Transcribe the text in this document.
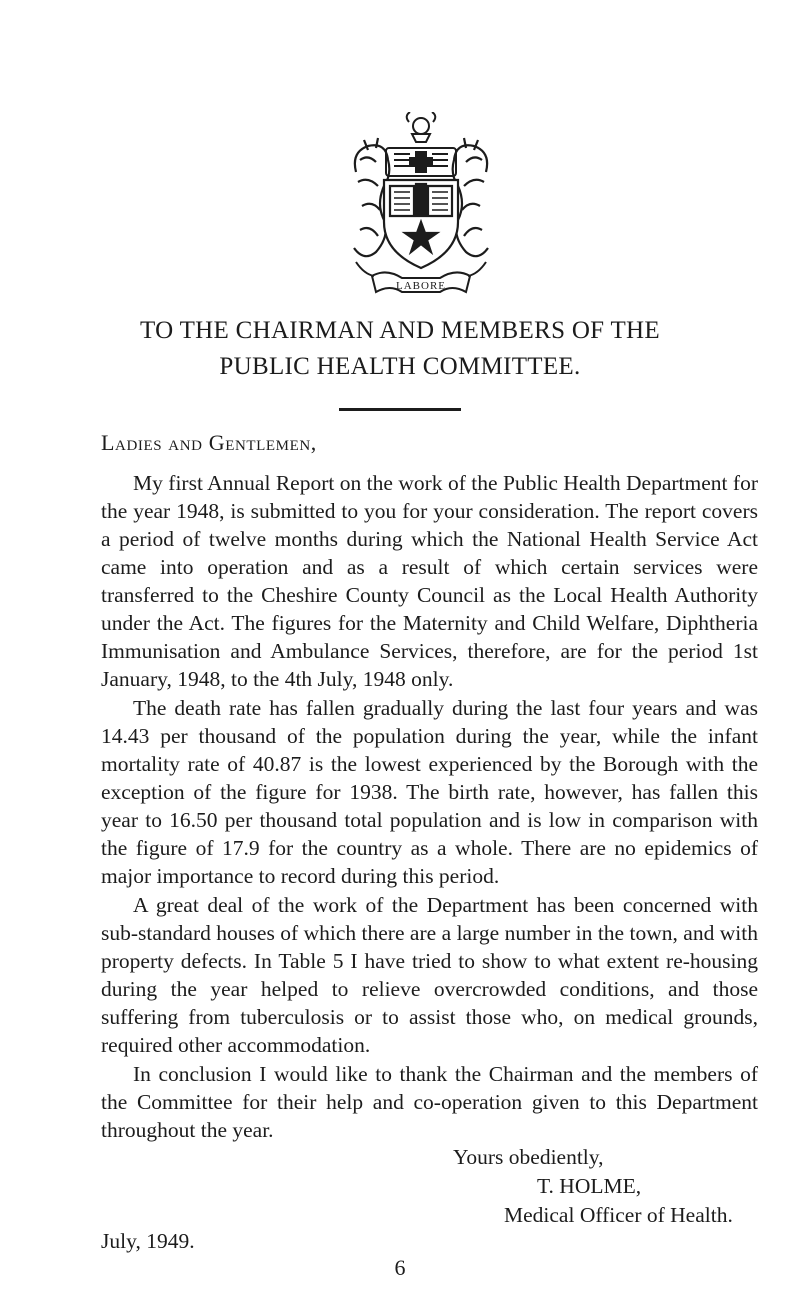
LABORE
TO THE CHAIRMAN AND MEMBERS OF THE
PUBLIC HEALTH COMMITTEE.
Ladies and Gentlemen,

My first Annual Report on the work of the Public Health Department for the year 1948, is submitted to you for your consideration. The report covers a period of twelve months during which the National Health Service Act came into operation and as a result of which certain services were transferred to the Cheshire County Council as the Local Health Authority under the Act. The figures for the Maternity and Child Welfare, Diphtheria Immunisation and Ambulance Services, therefore, are for the period 1st January, 1948, to the 4th July, 1948 only.

The death rate has fallen gradually during the last four years and was 14.43 per thousand of the population during the year, while the infant mortality rate of 40.87 is the lowest experienced by the Borough with the exception of the figure for 1938. The birth rate, however, has fallen this year to 16.50 per thousand total population and is low in comparison with the figure of 17.9 for the country as a whole. There are no epidemics of major importance to record during this period.

A great deal of the work of the Department has been concerned with sub-standard houses of which there are a large number in the town, and with property defects. In Table 5 I have tried to show to what extent re-housing during the year helped to relieve overcrowded conditions, and those suffering from tuberculosis or to assist those who, on medical grounds, required other accommodation.

In conclusion I would like to thank the Chairman and the members of the Committee for their help and co-operation given to this Department throughout the year.

Yours obediently,
T. HOLME,
Medical Officer of Health.
July, 1949.
6
